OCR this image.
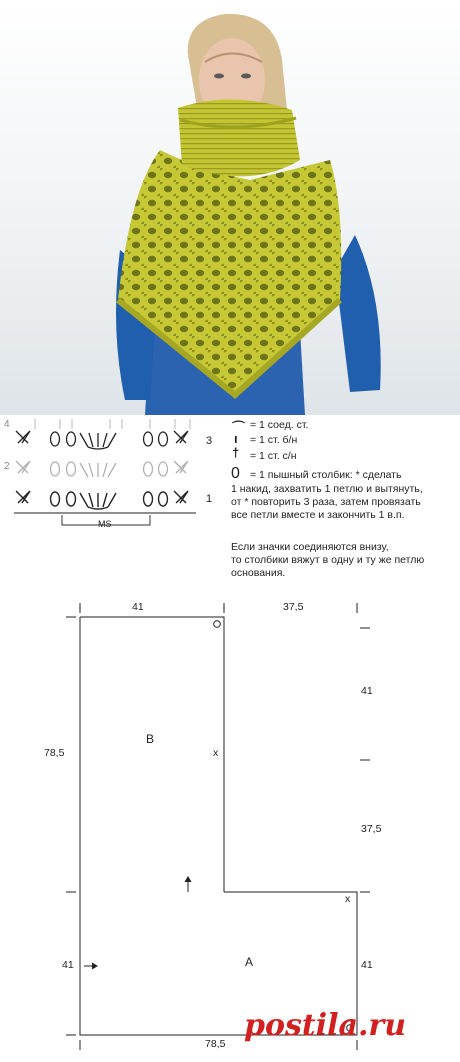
4
2
3
1
MS
⌒ = 1 соед. ст.
ı = 1 ст. б/н
† = 1 ст. с/н
0 = 1 пышный столбик: * сделать
1 накид, захватить 1 петлю и вытянуть,
от * повторить 3 раза, затем провязать
все петли вместе и закончить 1 в.п.
Если значки соединяются внизу,
то столбики вяжут в одну и ту же петлю
основания.
41	37,5
78,5
41
37,5
41	41
78,5
B
A
x
x
postila.ru
